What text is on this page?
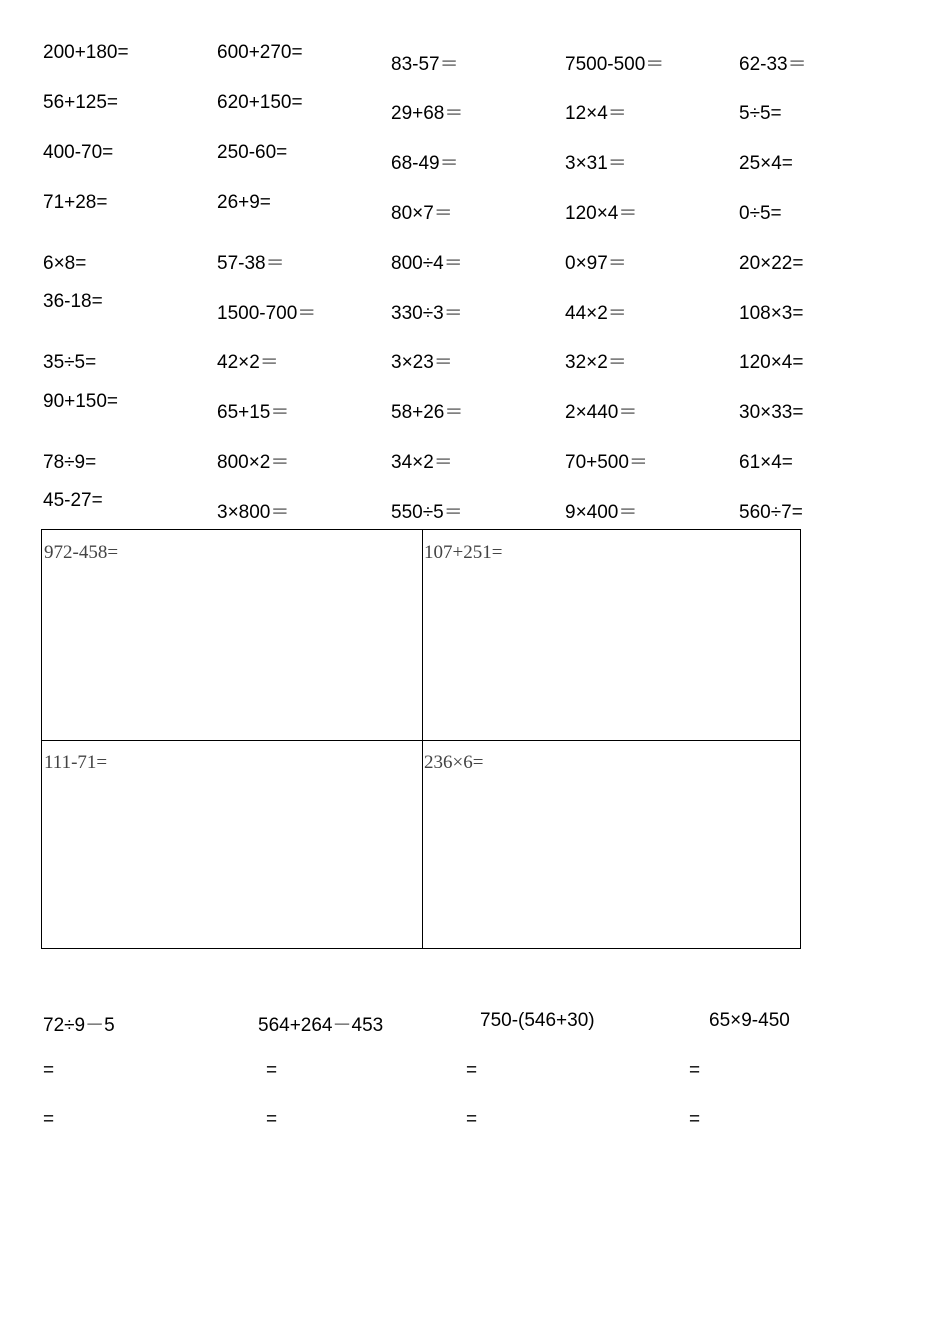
200+180=
56+125=
400-70=
71+28=
6×8=
36-18=
35÷5=
90+150=
78÷9=
45-27=
600+270=
620+150=
250-60=
26+9=
57-38＝
1500-700＝
42×2＝
65+15＝
800×2＝
3×800＝
83-57＝
29+68＝
68-49＝
80×7＝
800÷4＝
330÷3＝
3×23＝
58+26＝
34×2＝
550÷5＝
7500-500＝
12×4＝
3×31＝
120×4＝
0×97＝
44×2＝
32×2＝
2×440＝
70+500＝
9×400＝
62-33＝
5÷5=
25×4=
0÷5=
20×22=
108×3=
120×4=
30×33=
61×4=
560÷7=
972-458=	107+251=
111-71=	236×6=
72÷9－5
=
=
564+264－453
=
=
750-(546+30)
=
=
65×9-450
=
=
